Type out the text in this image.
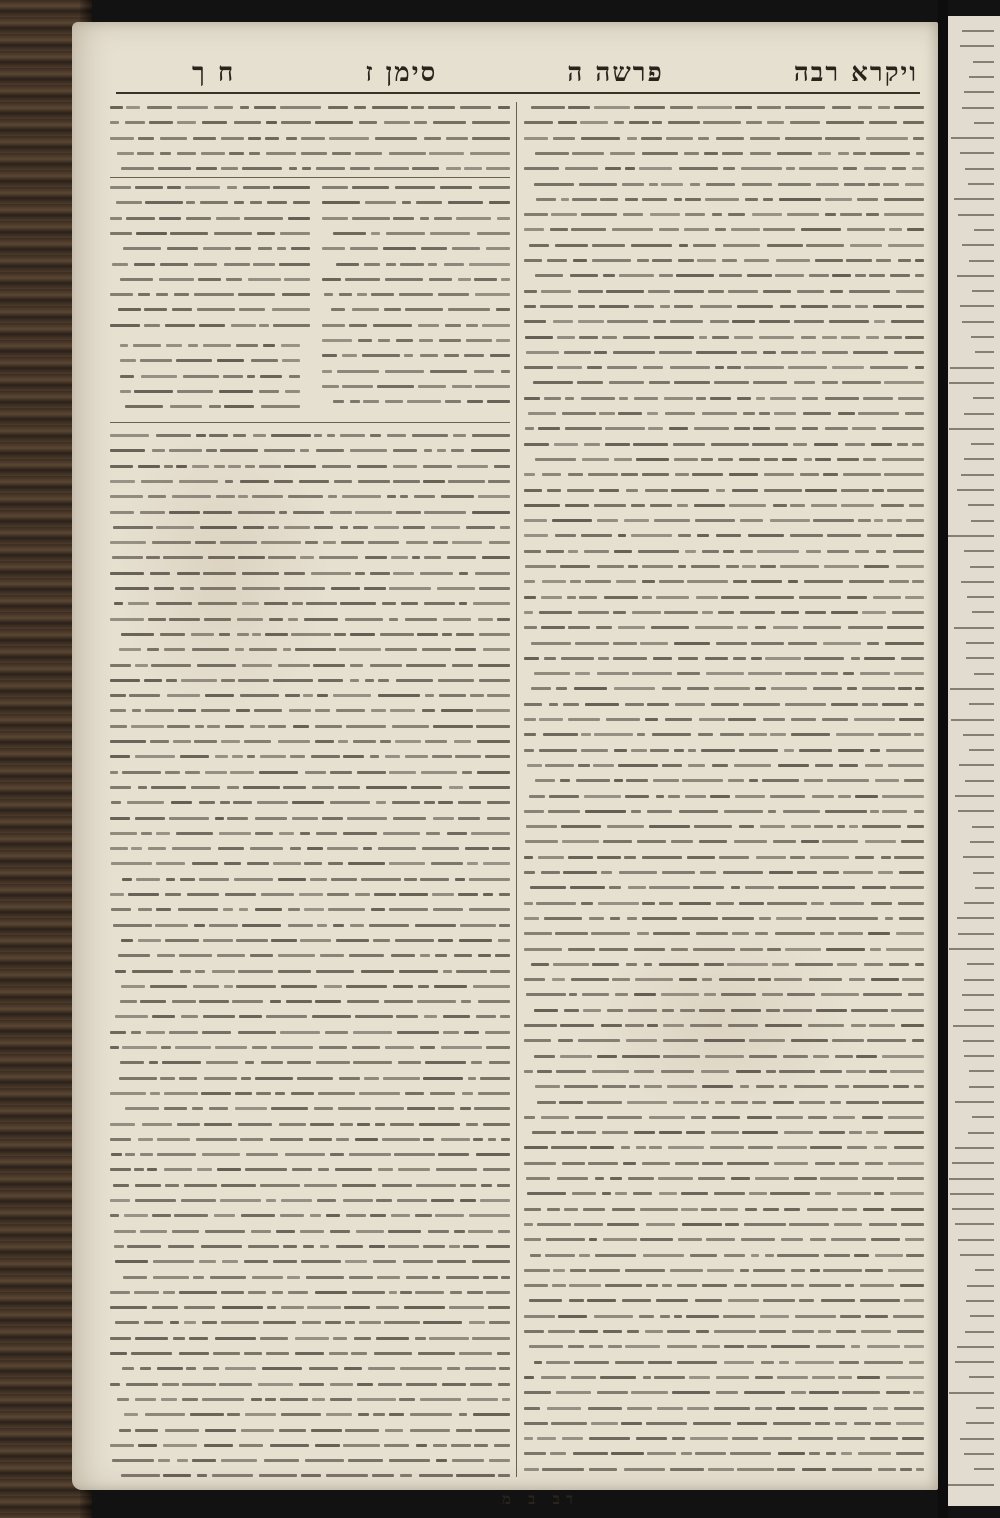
ויקרא רבה
פרשה ה
סימן ז
ח ך
דב ב מ
